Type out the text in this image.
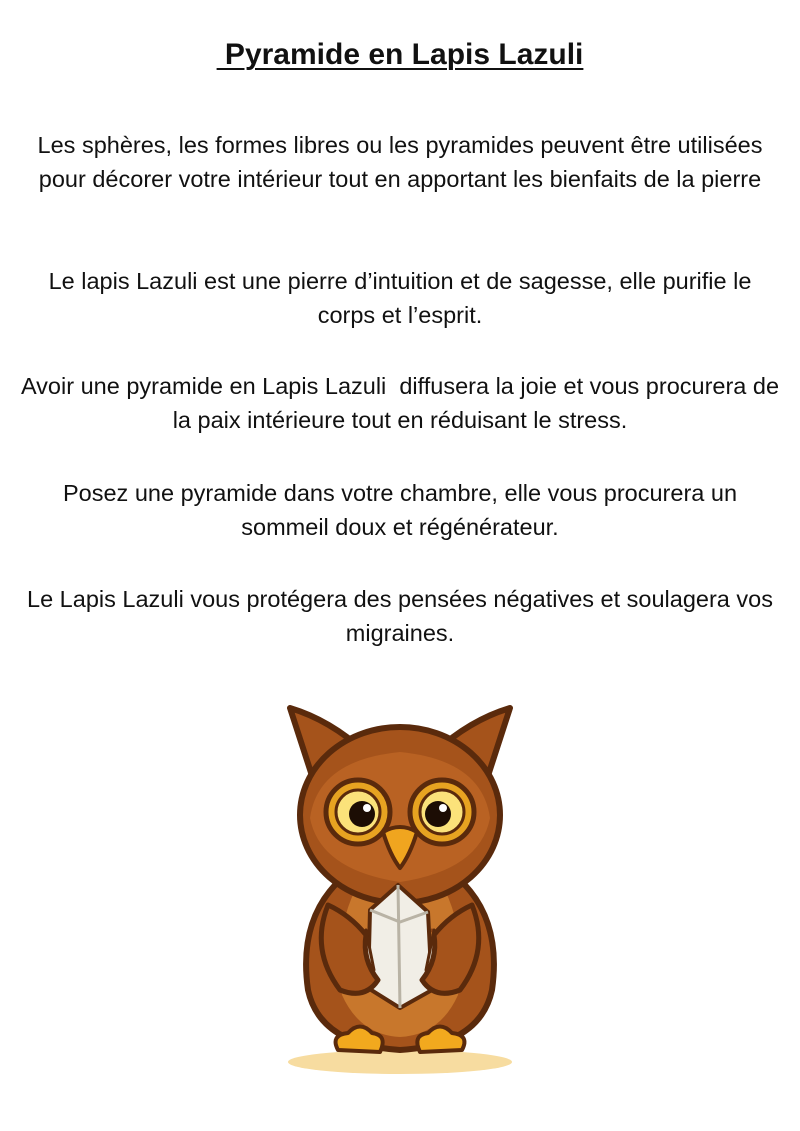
Pyramide en Lapis Lazuli
Les sphères, les formes libres ou les pyramides peuvent être utilisées pour décorer votre intérieur tout en apportant les bienfaits de la pierre
Le lapis Lazuli est une pierre d’intuition et de sagesse, elle purifie le corps et l’esprit.
Avoir une pyramide en Lapis Lazuli  diffusera la joie et vous procurera de la paix intérieure tout en réduisant le stress.
Posez une pyramide dans votre chambre, elle vous procurera un sommeil doux et régénérateur.
Le Lapis Lazuli vous protégera des pensées négatives et soulagera vos migraines.
